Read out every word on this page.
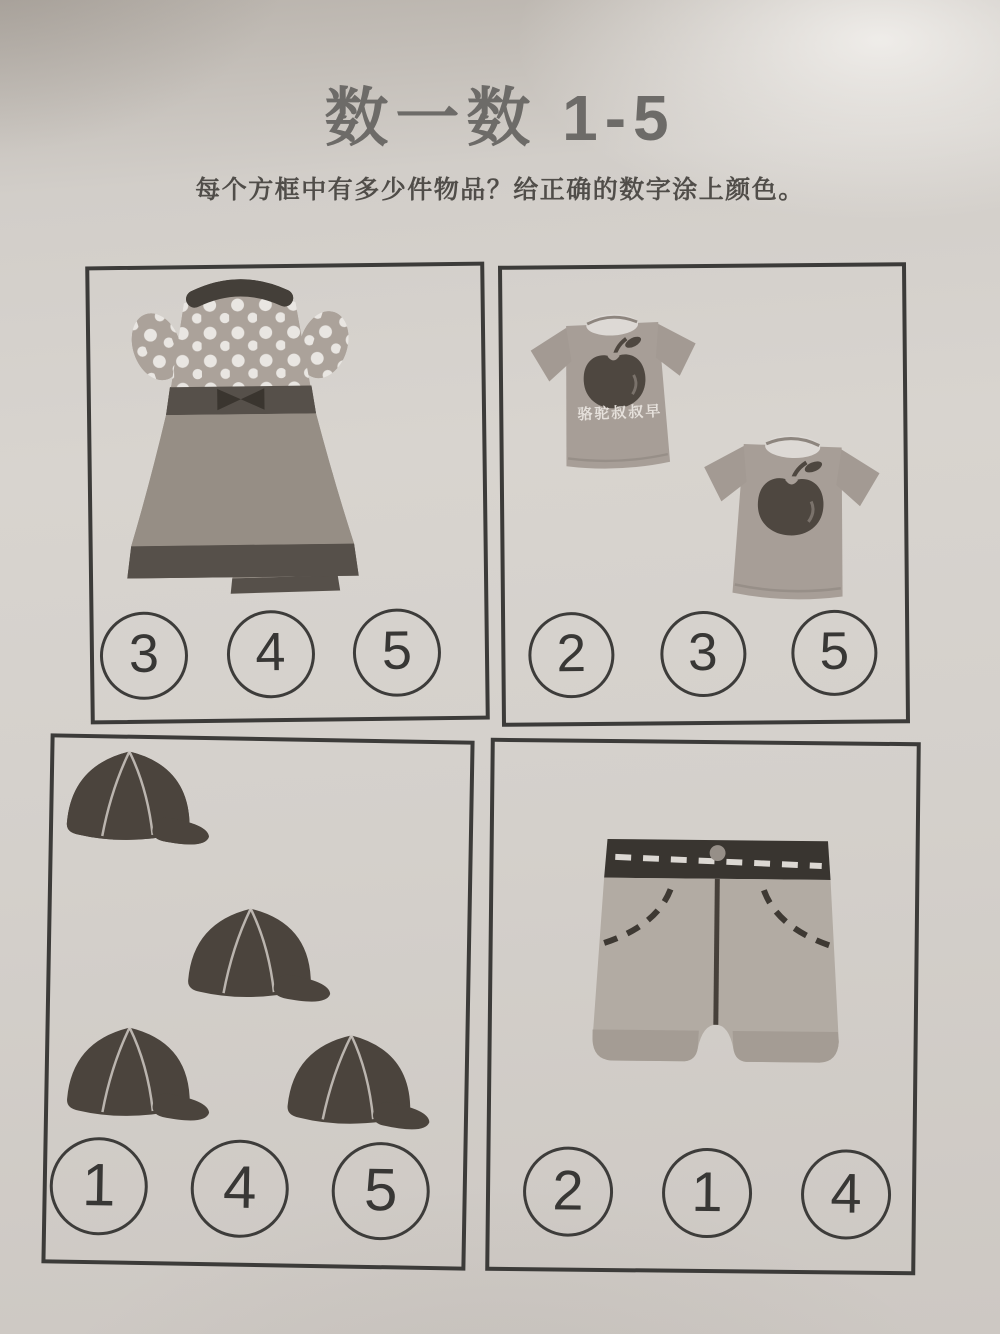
数一数 1-5
每个方框中有多少件物品？给正确的数字涂上颜色。
3 4 5
骆驼叔叔早
2 3 5
1 4 5	2 1 4
